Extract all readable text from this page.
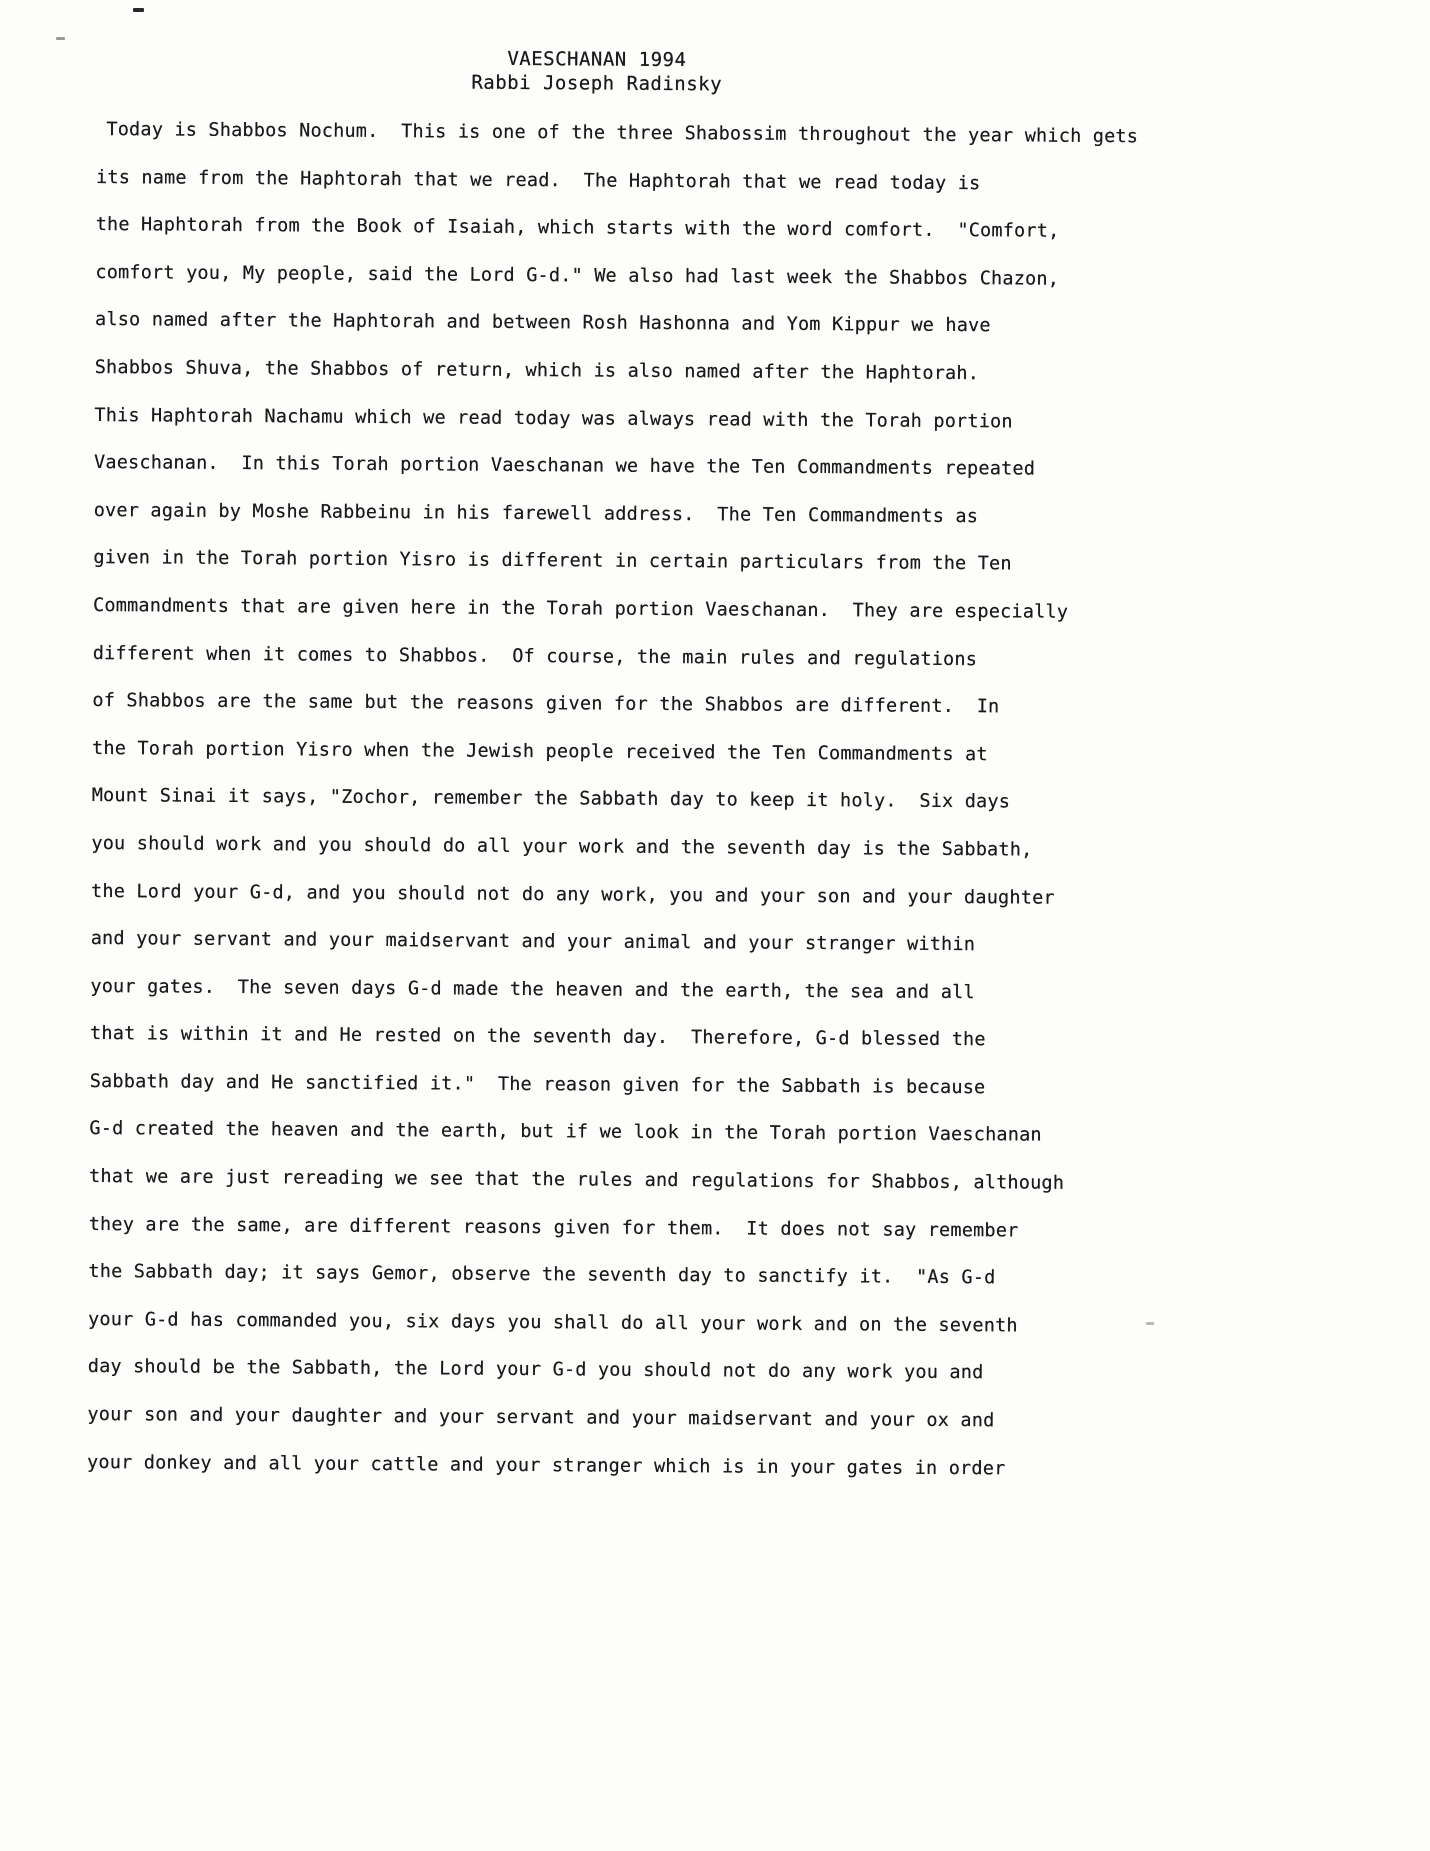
VAESCHANAN 1994
Rabbi Joseph Radinsky
Today is Shabbos Nochum.  This is one of the three Shabossim throughout the year which gets
its name from the Haphtorah that we read.  The Haphtorah that we read today is
the Haphtorah from the Book of Isaiah, which starts with the word comfort.  "Comfort,
comfort you, My people, said the Lord G-d." We also had last week the Shabbos Chazon,
also named after the Haphtorah and between Rosh Hashonna and Yom Kippur we have
Shabbos Shuva, the Shabbos of return, which is also named after the Haphtorah.
This Haphtorah Nachamu which we read today was always read with the Torah portion
Vaeschanan.  In this Torah portion Vaeschanan we have the Ten Commandments repeated
over again by Moshe Rabbeinu in his farewell address.  The Ten Commandments as
given in the Torah portion Yisro is different in certain particulars from the Ten
Commandments that are given here in the Torah portion Vaeschanan.  They are especially
different when it comes to Shabbos.  Of course, the main rules and regulations
of Shabbos are the same but the reasons given for the Shabbos are different.  In
the Torah portion Yisro when the Jewish people received the Ten Commandments at
Mount Sinai it says, "Zochor, remember the Sabbath day to keep it holy.  Six days
you should work and you should do all your work and the seventh day is the Sabbath,
the Lord your G-d, and you should not do any work, you and your son and your daughter
and your servant and your maidservant and your animal and your stranger within
your gates.  The seven days G-d made the heaven and the earth, the sea and all
that is within it and He rested on the seventh day.  Therefore, G-d blessed the
Sabbath day and He sanctified it."  The reason given for the Sabbath is because
G-d created the heaven and the earth, but if we look in the Torah portion Vaeschanan
that we are just rereading we see that the rules and regulations for Shabbos, although
they are the same, are different reasons given for them.  It does not say remember
the Sabbath day; it says Gemor, observe the seventh day to sanctify it.  "As G-d
your G-d has commanded you, six days you shall do all your work and on the seventh
day should be the Sabbath, the Lord your G-d you should not do any work you and
your son and your daughter and your servant and your maidservant and your ox and
your donkey and all your cattle and your stranger which is in your gates in order
